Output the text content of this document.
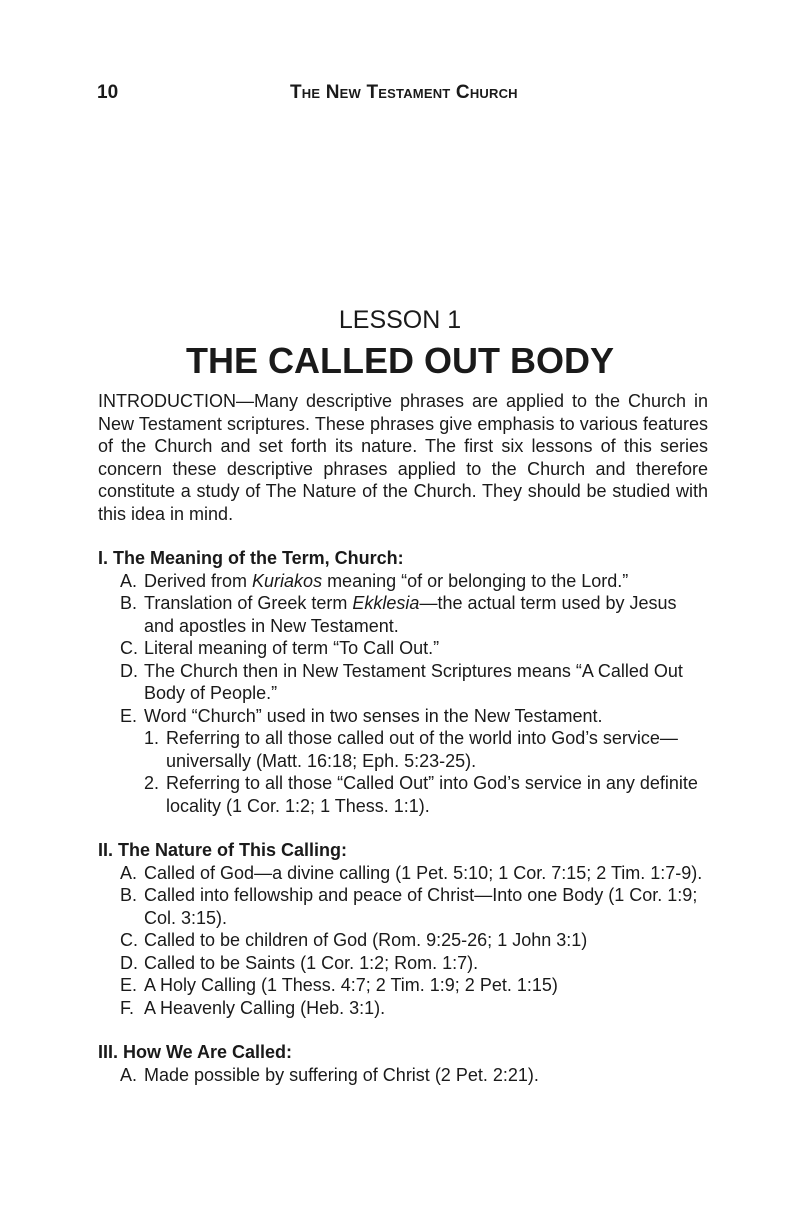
10	The New Testament Church
LESSON 1
THE CALLED OUT BODY

INTRODUCTION—Many descriptive phrases are applied to the Church in New Testament scriptures. These phrases give emphasis to various features of the Church and set forth its nature. The first six lessons of this series concern these descriptive phrases applied to the Church and therefore constitute a study of The Nature of the Church. They should be studied with this idea in mind.

I. The Meaning of the Term, Church:

A. Derived from Kuriakos meaning “of or belonging to the Lord.”

B. Translation of Greek term Ekklesia—the actual term used by Jesus and apostles in New Testament.

C. Literal meaning of term “To Call Out.”

D. The Church then in New Testament Scriptures means “A Called Out Body of People.”

E. Word “Church” used in two senses in the New Testament.

1. Referring to all those called out of the world into God’s service—universally (Matt. 16:18; Eph. 5:23-25).

2. Referring to all those “Called Out” into God’s service in any definite locality (1 Cor. 1:2; 1 Thess. 1:1).

II. The Nature of This Calling:

A. Called of God—a divine calling (1 Pet. 5:10; 1 Cor. 7:15; 2 Tim. 1:7-9).

B. Called into fellowship and peace of Christ—Into one Body (1 Cor. 1:9; Col. 3:15).

C. Called to be children of God (Rom. 9:25-26; 1 John 3:1)

D. Called to be Saints (1 Cor. 1:2; Rom. 1:7).

E. A Holy Calling (1 Thess. 4:7; 2 Tim. 1:9; 2 Pet. 1:15)

F. A Heavenly Calling (Heb. 3:1).

III. How We Are Called:

A. Made possible by suffering of Christ (2 Pet. 2:21).
